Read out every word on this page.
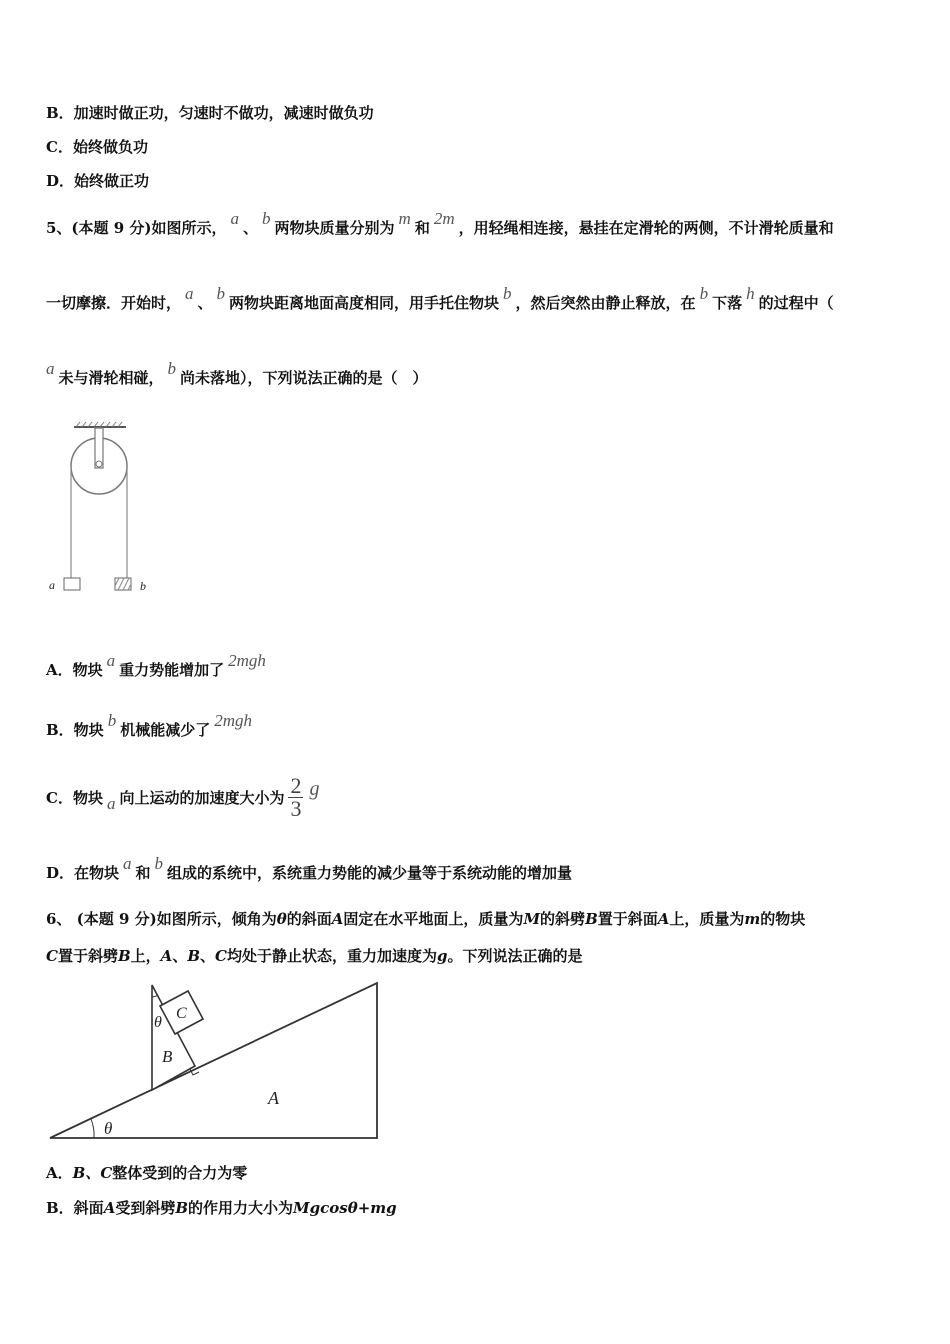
B．加速时做正功，匀速时不做功，减速时做负功
C．始终做负功
D．始终做正功
5、(本题 9 分)如图所示， a 、 b 两物块质量分别为 m 和 2m ，用轻绳相连接，悬挂在定滑轮的两侧，不计滑轮质量和
一切摩擦．开始时， a 、 b 两物块距离地面高度相同，用手托住物块 b ，然后突然由静止释放，在 b 下落 h 的过程中（
a 未与滑轮相碰， b 尚未落地），下列说法正确的是（　）
a	b
A．物块 a 重力势能增加了 2mgh
B．物块 b 机械能减少了 2mgh
C．物块 a 向上运动的加速度大小为 $\frac{2}{3}$ g
D．在物块 a 和 b 组成的系统中，系统重力势能的减少量等于系统动能的增加量
6、 (本题 9 分)如图所示，倾角为θ的斜面A固定在水平地面上，质量为M的斜劈B置于斜面A上，质量为m的物块
C置于斜劈B上，A、B、C均处于静止状态，重力加速度为g。下列说法正确的是
θ
θ
B
C
A
A．B、C整体受到的合力为零
B．斜面A受到斜劈B的作用力大小为Mgcosθ+mg
